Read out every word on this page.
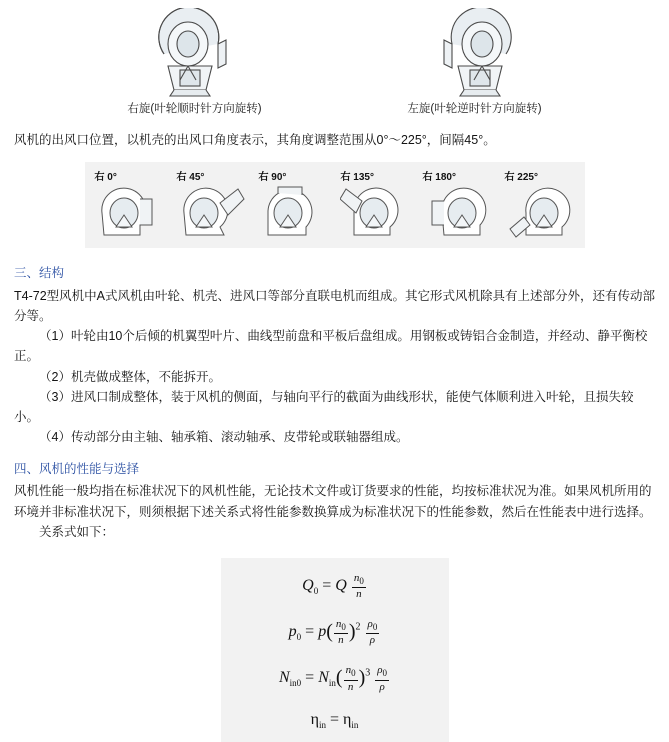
右旋(叶轮顺时针方向旋转)	左旋(叶轮逆时针方向旋转)

风机的出风口位置，以机壳的出风口角度表示，其角度调整范围从0°～225°，间隔45°。

右 0°	右 45°	右 90°	右 135°	右 180°	右 225°
三、结构

T4-72型风机中A式风机由叶轮、机壳、进风口等部分直联电机而组成。其它形式风机除具有上述部分外，还有传动部分等。

（1）叶轮由10个后倾的机翼型叶片、曲线型前盘和平板后盘组成。用钢板或铸铝合金制造，并经动、静平衡校正。

（2）机壳做成整体，不能拆开。

（3）进风口制成整体，装于风机的侧面，与轴向平行的截面为曲线形状，能使气体顺利进入叶轮，且损失较小。

（4）传动部分由主轴、轴承箱、滚动轴承、皮带轮或联轴器组成。

四、风机的性能与选择

风机性能一般均指在标准状况下的风机性能，无论技术文件或订货要求的性能，均按标准状况为准。如果风机所用的环境并非标准状况下，则须根据下述关系式将性能参数换算成为标准状况下的性能参数，然后在性能表中进行选择。

关系式如下：

$Q_0 = Q \frac{n_0}{n}$
$p_0 = p( \frac{n_0}{n} )^2 \frac{\rho_0}{\rho}$
$N_{in0} = N_{in}( \frac{n_0}{n} )^3 \frac{\rho_0}{\rho}$
$\eta_{in} = \eta_{in}$
